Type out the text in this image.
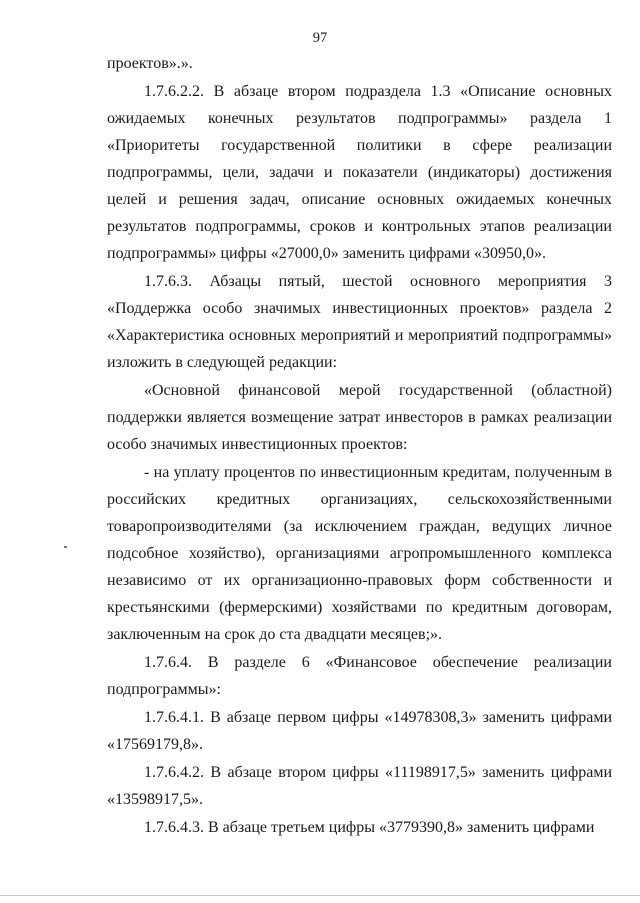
97

проектов».».

1.7.6.2.2. В абзаце втором подраздела 1.3 «Описание основных ожидаемых конечных результатов подпрограммы» раздела 1 «Приоритеты государственной политики в сфере реализации подпрограммы, цели, задачи и показатели (индикаторы) достижения целей и решения задач, описание основных ожидаемых конечных результатов подпрограммы, сроков и контрольных этапов реализации подпрограммы» цифры «27000,0» заменить цифрами «30950,0».

1.7.6.3. Абзацы пятый, шестой основного мероприятия 3 «Поддержка особо значимых инвестиционных проектов» раздела 2 «Характеристика основных мероприятий и мероприятий подпрограммы» изложить в следующей редакции:

«Основной финансовой мерой государственной (областной) поддержки является возмещение затрат инвесторов в рамках реализации особо значимых инвестиционных проектов:

- на уплату процентов по инвестиционным кредитам, полученным в российских кредитных организациях, сельскохозяйственными товаропроизводителями (за исключением граждан, ведущих личное подсобное хозяйство), организациями агропромышленного комплекса независимо от их организационно-правовых форм собственности и крестьянскими (фермерскими) хозяйствами по кредитным договорам, заключенным на срок до ста двадцати месяцев;».

1.7.6.4. В разделе 6 «Финансовое обеспечение реализации подпрограммы»:

1.7.6.4.1. В абзаце первом цифры «14978308,3» заменить цифрами «17569179,8».

1.7.6.4.2. В абзаце втором цифры «11198917,5» заменить цифрами «13598917,5».

1.7.6.4.3. В абзаце третьем цифры «3779390,8» заменить цифрами
